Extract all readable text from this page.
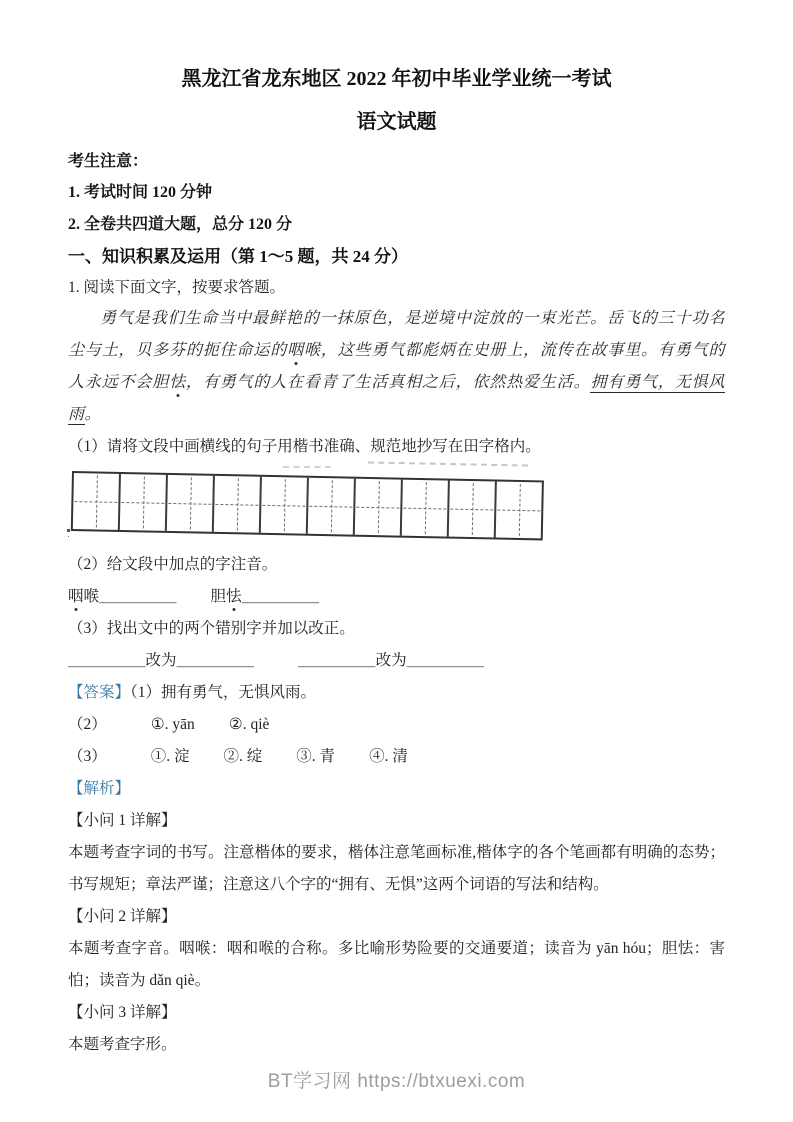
黑龙江省龙东地区 2022 年初中毕业学业统一考试
语文试题
考生注意：
1. 考试时间 120 分钟
2. 全卷共四道大题，总分 120 分
一、知识积累及运用（第 1～5 题，共 24 分）
1. 阅读下面文字，按要求答题。
勇气是我们生命当中最鲜艳的一抹原色，是逆境中淀放的一束光芒。岳飞的三十功名尘与土，贝多芬的扼住命运的咽喉，这些勇气都彪炳在史册上，流传在故事里。有勇气的人永远不会胆怯，有勇气的人在看青了生活真相之后，依然热爱生活。拥有勇气，无惧风雨。
（1）请将文段中画横线的句子用楷书准确、规范地抄写在田字格内。
（2）给文段中加点的字注音。
咽喉＿＿＿＿＿ 胆怯＿＿＿＿＿
（3）找出文中的两个错别字并加以改正。
＿＿＿＿＿改为＿＿＿＿＿	＿＿＿＿＿改为＿＿＿＿＿
【答案】（1）拥有勇气，无惧风雨。
（2）	①. yān ②. qiè
（3）	①. 淀 ②. 绽 ③. 青 ④. 清
【解析】
【小问 1 详解】
本题考查字词的书写。注意楷体的要求，楷体注意笔画标准,楷体字的各个笔画都有明确的态势；书写规矩；章法严谨；注意这八个字的“拥有、无惧”这两个词语的写法和结构。
【小问 2 详解】
本题考查字音。咽喉：咽和喉的合称。多比喻形势险要的交通要道；读音为 yān hóu；胆怯：害怕；读音为 dǎn qiè。
【小问 3 详解】
本题考查字形。
BT学习网 https://btxuexi.com
